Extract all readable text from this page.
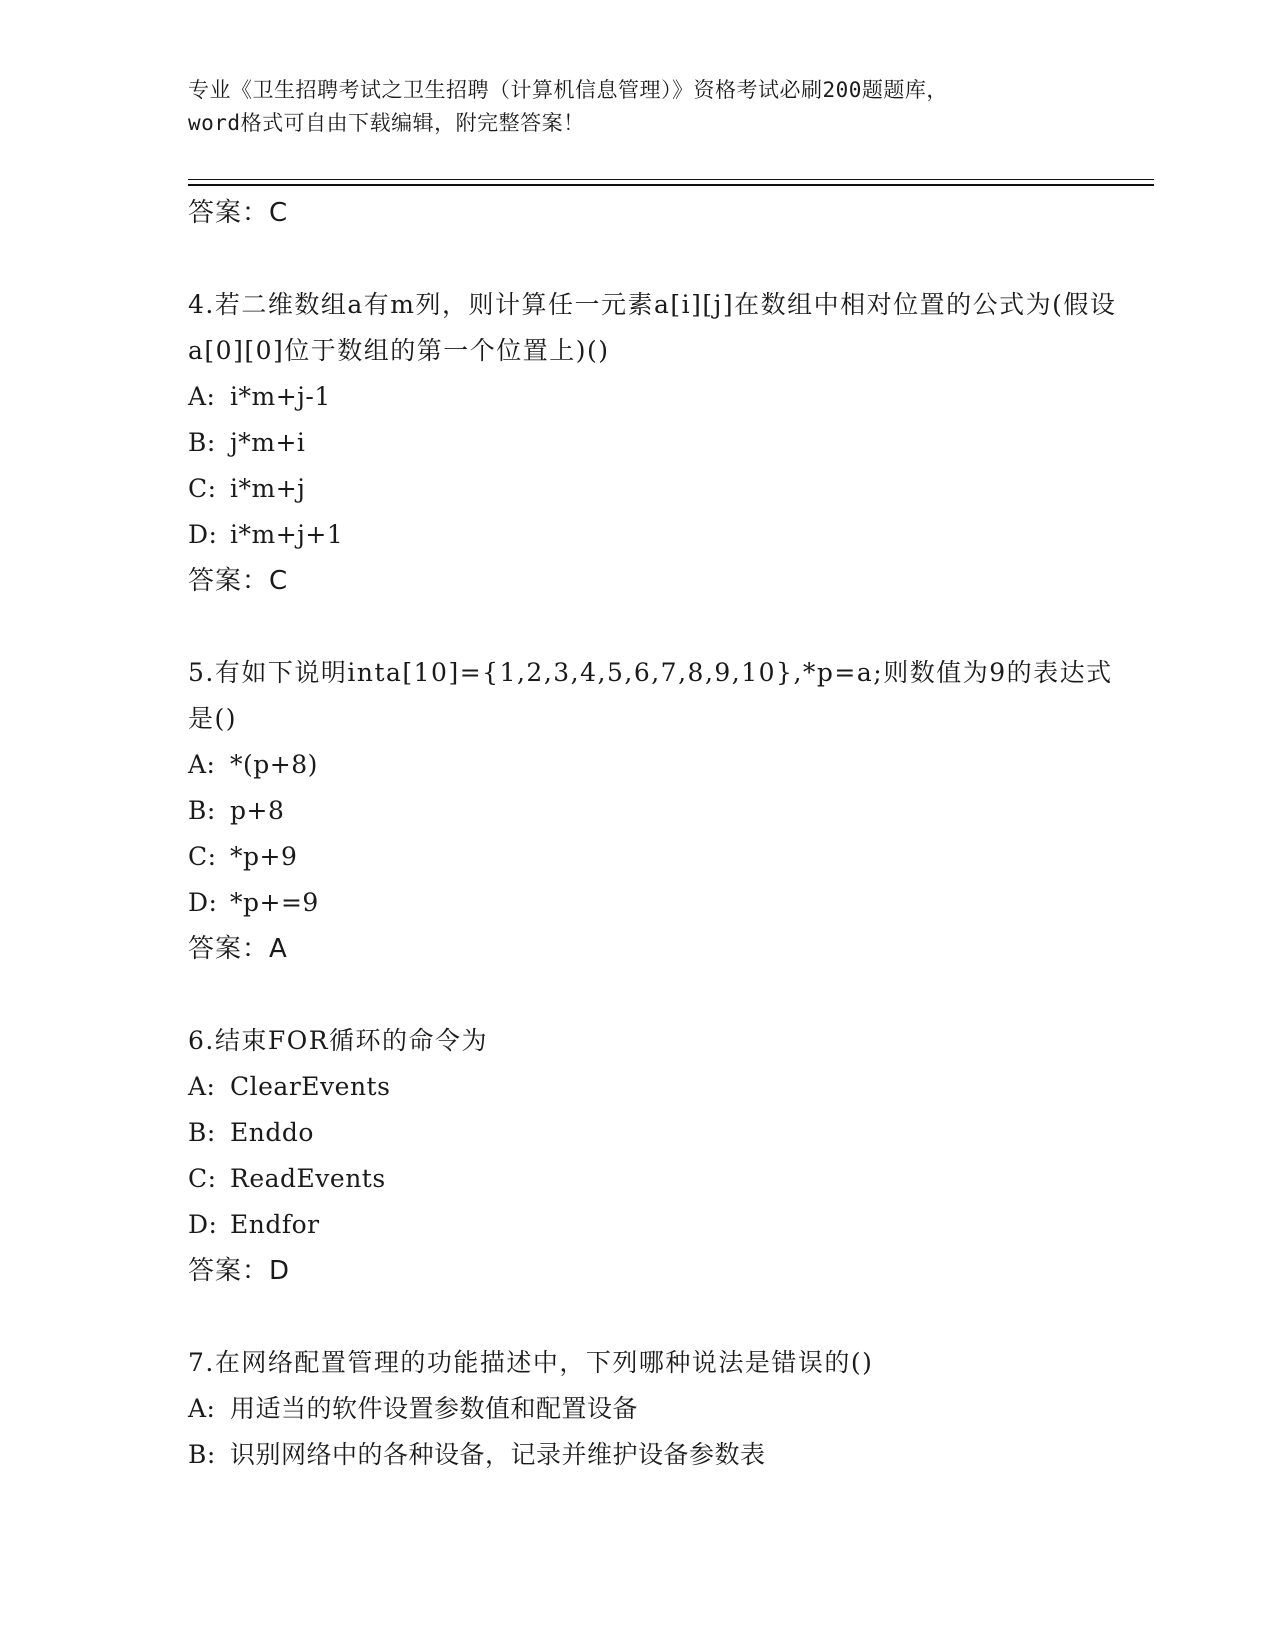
专业《卫生招聘考试之卫生招聘（计算机信息管理）》资格考试必刷200题题库，
word格式可自由下载编辑，附完整答案！

答案：C

4.若二维数组a有m列，则计算任一元素a[i][j]在数组中相对位置的公式为(假设a[0][0]位于数组的第一个位置上)()

A: i*m+j-1

B: j*m+i

C: i*m+j

D: i*m+j+1

答案：C

5.有如下说明inta[10]={1,2,3,4,5,6,7,8,9,10},*p=a;则数值为9的表达式是()

A: *(p+8)

B: p+8

C: *p+9

D: *p+=9

答案：A

6.结束FOR循环的命令为

A: ClearEvents

B: Enddo

C: ReadEvents

D: Endfor

答案：D

7.在网络配置管理的功能描述中，下列哪种说法是错误的()

A: 用适当的软件设置参数值和配置设备

B: 识别网络中的各种设备，记录并维护设备参数表
